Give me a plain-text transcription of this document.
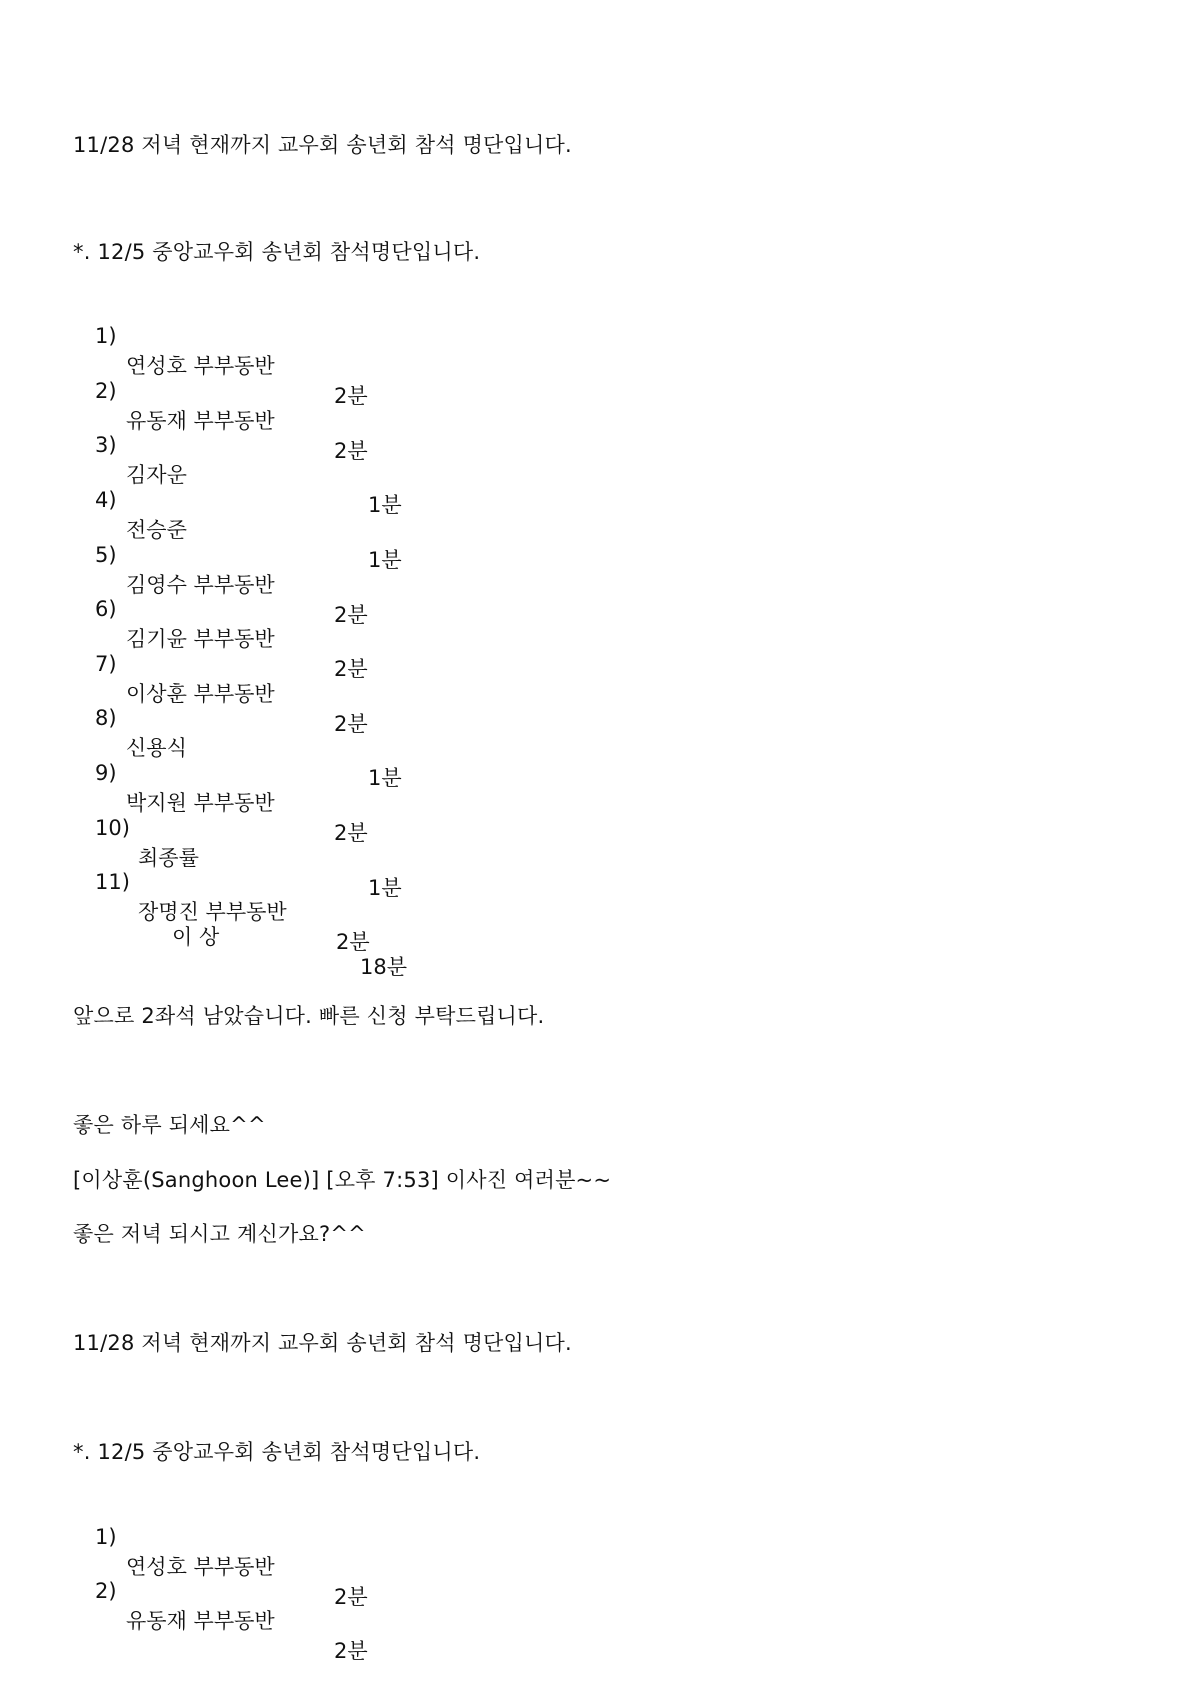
11/28 저녁 현재까지 교우회 송년회 참석 명단입니다.
*. 12/5 중앙교우회 송년회 참석명단입니다.

1)

연성호 부부동반

2분

2)

유동재 부부동반

2분

3)

김자운

1분

4)

전승준

1분

5)

김영수 부부동반

2분

6)

김기윤 부부동반

2분

7)

이상훈 부부동반

2분

8)

신용식

1분

9)

박지원 부부동반

2분

10)

최종률

1분

11)

장명진 부부동반

2분

이 상

18분

앞으로 2좌석 남았습니다. 빠른 신청 부탁드립니다.
좋은 하루 되세요^^
[이상훈(Sanghoon Lee)] [오후 7:53] 이사진 여러분~~
좋은 저녁 되시고 계신가요?^^
11/28 저녁 현재까지 교우회 송년회 참석 명단입니다.
*. 12/5 중앙교우회 송년회 참석명단입니다.

1)

연성호 부부동반

2분

2)

유동재 부부동반

2분
